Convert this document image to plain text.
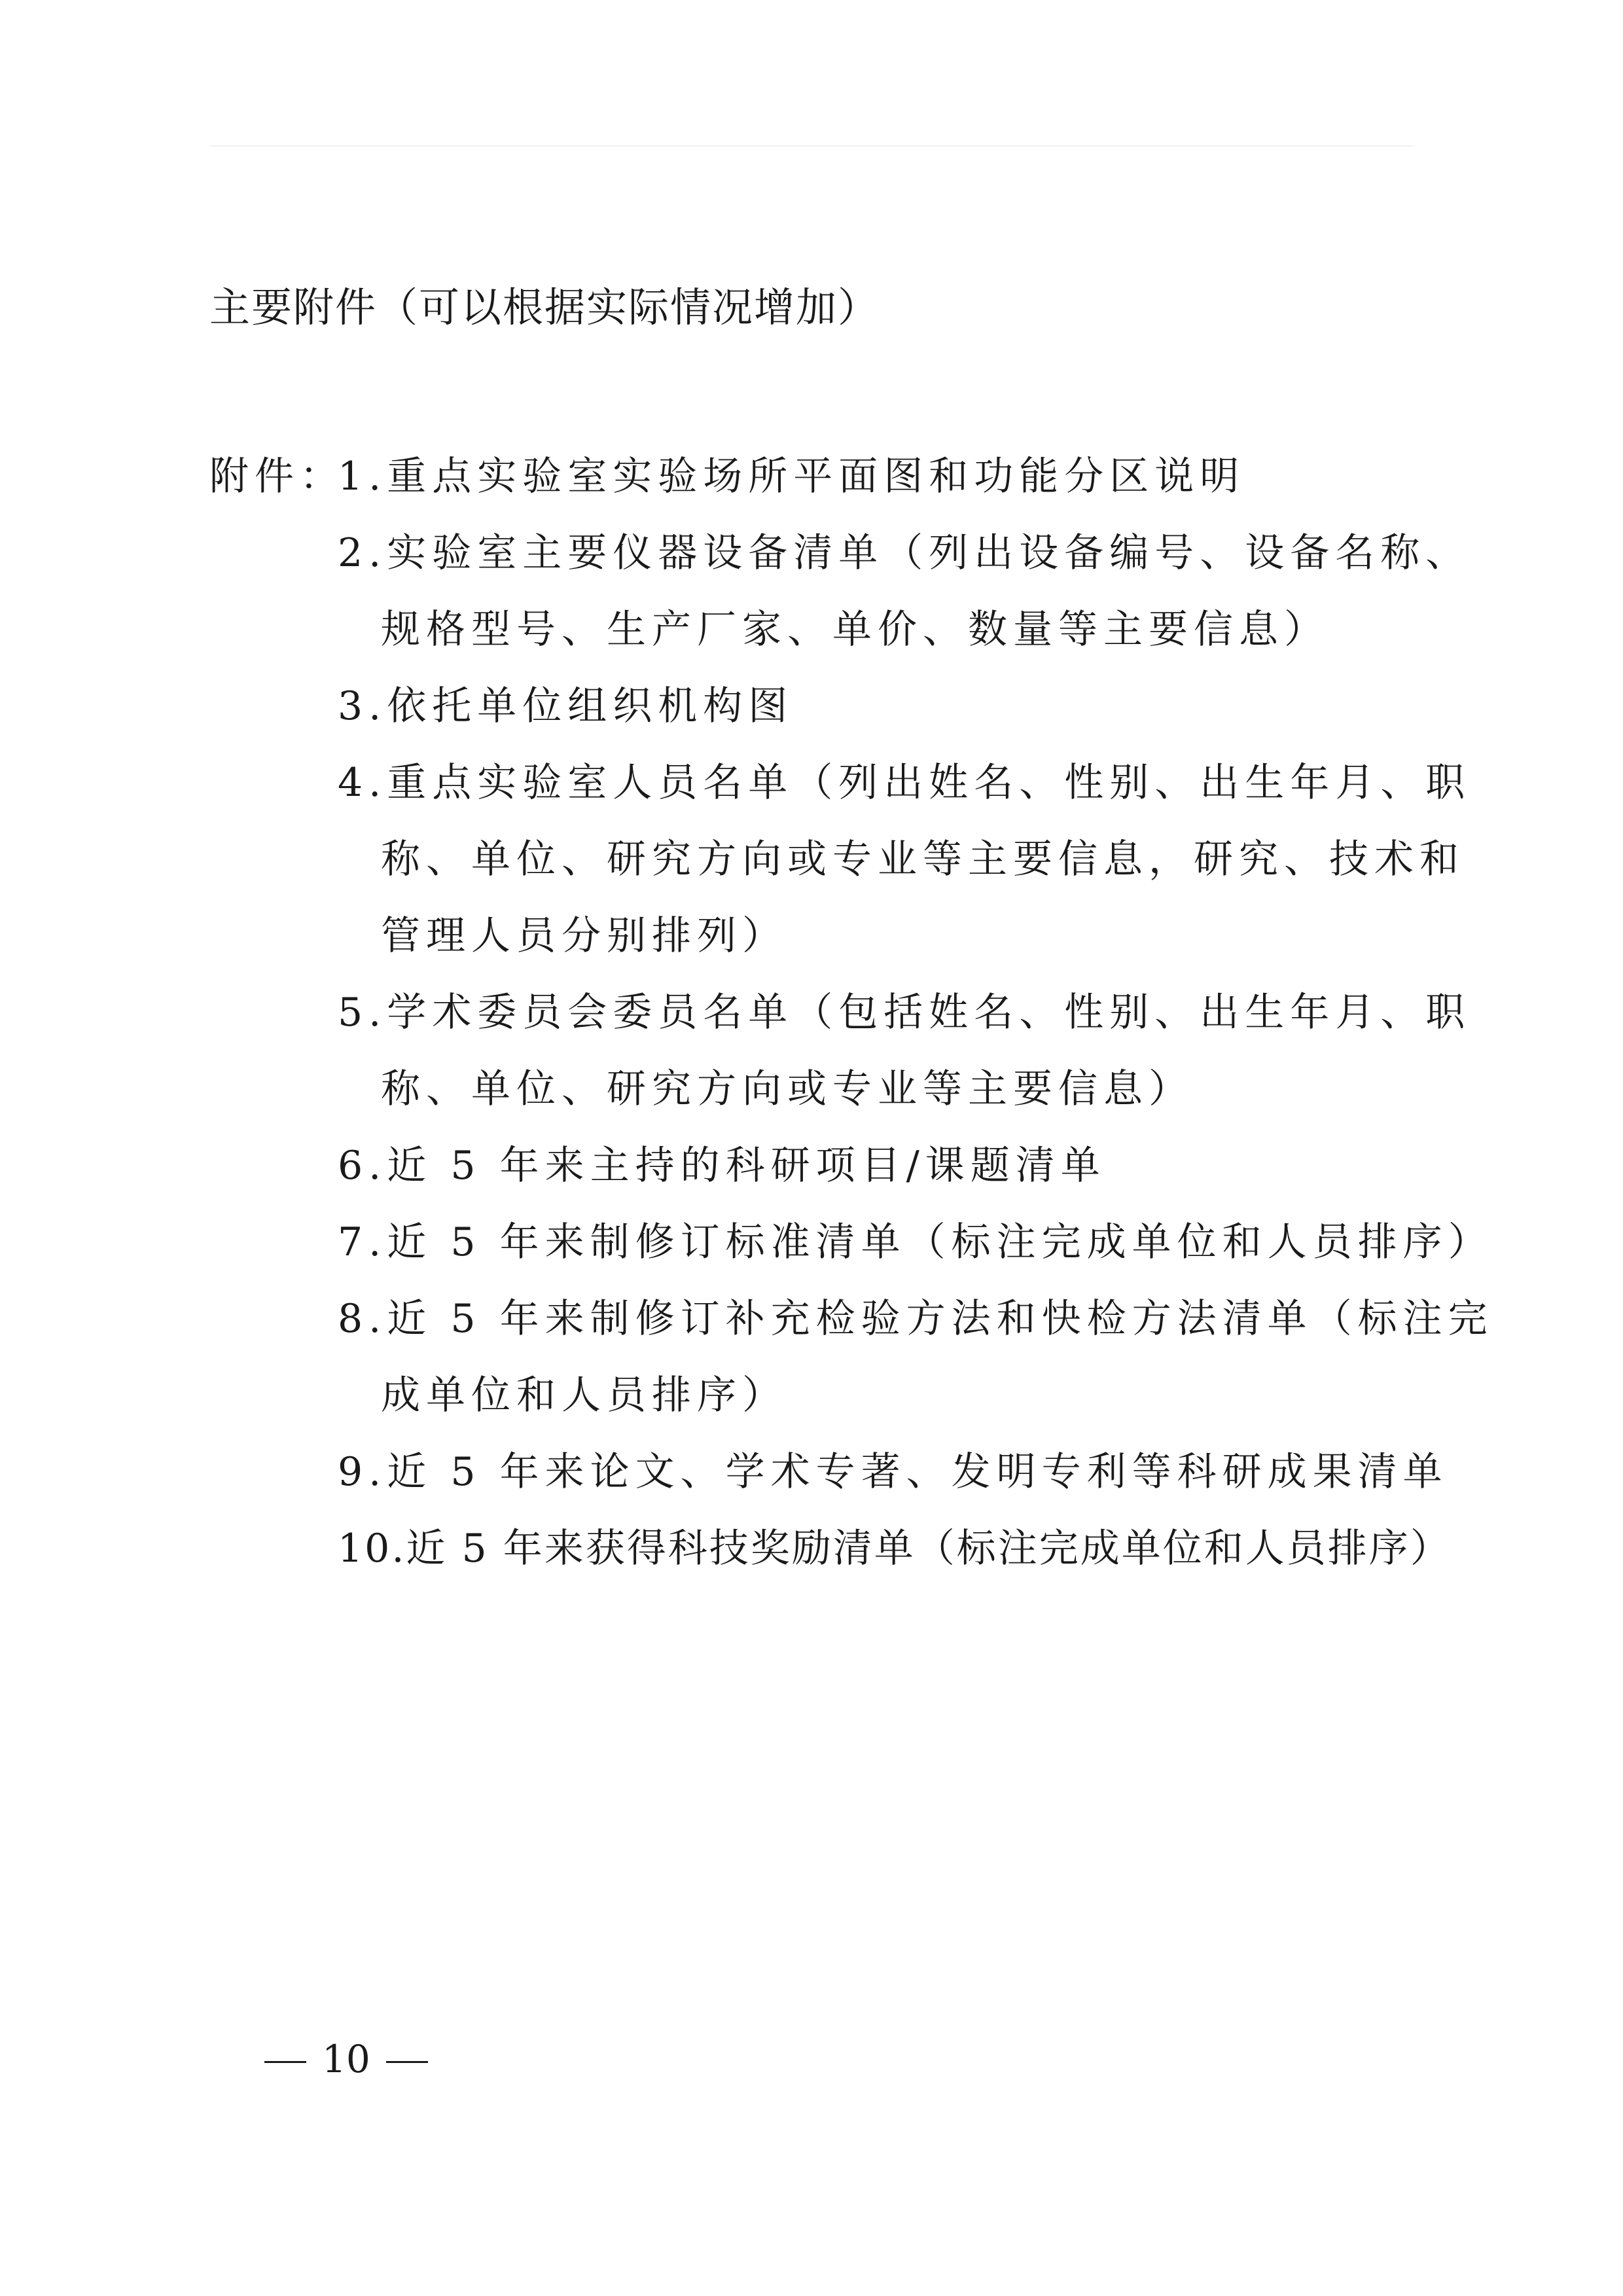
主要附件（可以根据实际情况增加）
附件：
1.重点实验室实验场所平面图和功能分区说明
2.实验室主要仪器设备清单（列出设备编号、设备名称、
规格型号、生产厂家、单价、数量等主要信息）
3.依托单位组织机构图
4.重点实验室人员名单（列出姓名、性别、出生年月、职
称、单位、研究方向或专业等主要信息，研究、技术和
管理人员分别排列）
5.学术委员会委员名单（包括姓名、性别、出生年月、职
称、单位、研究方向或专业等主要信息）
6.近 5 年来主持的科研项目/课题清单
7.近 5 年来制修订标准清单（标注完成单位和人员排序）
8.近 5 年来制修订补充检验方法和快检方法清单（标注完
成单位和人员排序）
9.近 5 年来论文、学术专著、发明专利等科研成果清单
10.近 5 年来获得科技奖励清单（标注完成单位和人员排序）
10
